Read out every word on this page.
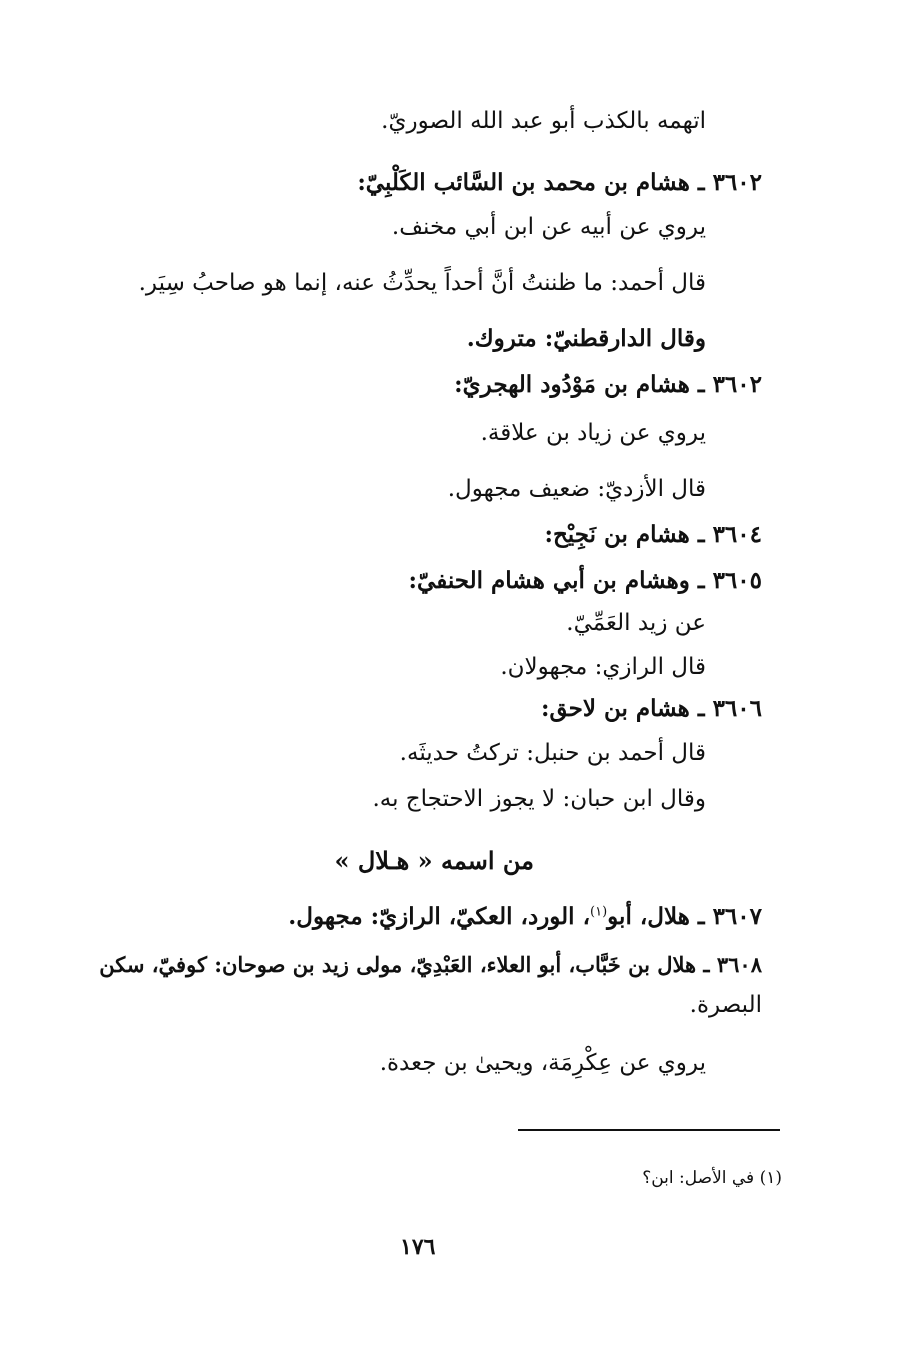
اتهمه بالكذب أبو عبد الله الصوريّ.
٣٦٠٢ ـ هشام بن محمد بن السَّائب الكَلْبِيّ:
يروي عن أبيه عن ابن أبي مخنف.
قال أحمد: ما ظننتُ أنَّ أحداً يحدِّثُ عنه، إنما هو صاحبُ سِيَر.
وقال الدارقطنيّ: متروك.
٣٦٠٢ ـ هشام بن مَوْدُود الهجريّ:
يروي عن زياد بن علاقة.
قال الأزديّ: ضعيف مجهول.
٣٦٠٤ ـ هشام بن نَجِيْح:
٣٦٠٥ ـ وهشام بن أبي هشام الحنفيّ:
عن زيد العَمِّيّ.
قال الرازي: مجهولان.
٣٦٠٦ ـ هشام بن لاحق:
قال أحمد بن حنبل: تركتُ حديثَه.
وقال ابن حبان: لا يجوز الاحتجاج به.
من اسمه « هـلال »
٣٦٠٧ ـ هلال، أبو$^{(١)}$، الورد، العكيّ، الرازيّ: مجهول.
٣٦٠٨ ـ هلال بن خَبَّاب، أبو العلاء، العَبْدِيّ، مولى زيد بن صوحان: كوفيّ، سكن
البصرة.
يروي عن عِكْرِمَة، ويحيىٰ بن جعدة.
(١) في الأصل: ابن؟
١٧٦
